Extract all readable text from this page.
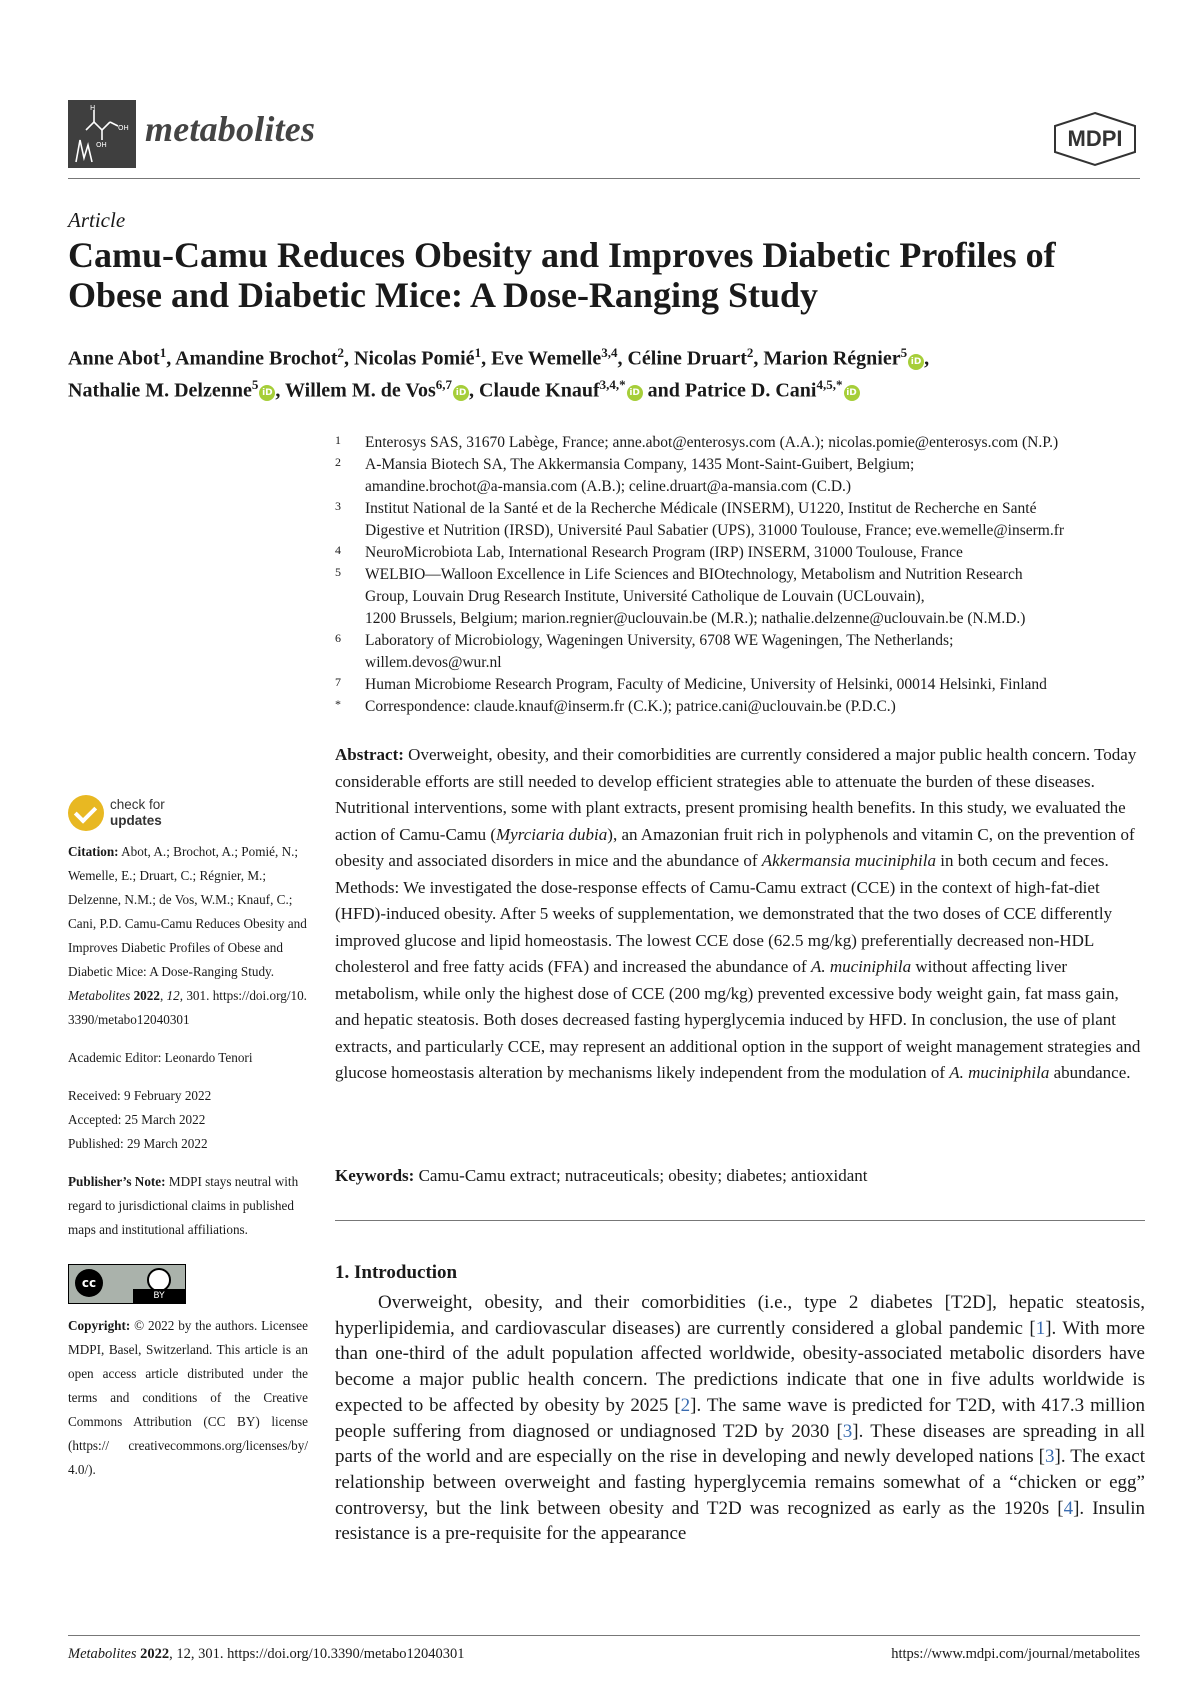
H
OH
OH metabolites	MDPI
Article
Camu-Camu Reduces Obesity and Improves Diabetic Profiles of Obese and Diabetic Mice: A Dose-Ranging Study
Anne Abot$^1$, Amandine Brochot$^2$, Nicolas Pomié$^1$, Eve Wemelle$^{3,4}$, Céline Druart$^2$, Marion Régnier$^5$iD ,
Nathalie M. Delzenne$^5$iD , Willem M. de Vos$^{6,7}$iD , Claude Knauf$^{3,4,*}$iD and Patrice D. Cani$^{4,5,*}$iD
1 Enterosys SAS, 31670 Labège, France; anne.abot@enterosys.com (A.A.); nicolas.pomie@enterosys.com (N.P.)
2 A-Mansia Biotech SA, The Akkermansia Company, 1435 Mont-Saint-Guibert, Belgium;
amandine.brochot@a-mansia.com (A.B.); celine.druart@a-mansia.com (C.D.)
3 Institut National de la Santé et de la Recherche Médicale (INSERM), U1220, Institut de Recherche en Santé
Digestive et Nutrition (IRSD), Université Paul Sabatier (UPS), 31000 Toulouse, France; eve.wemelle@inserm.fr
4 NeuroMicrobiota Lab, International Research Program (IRP) INSERM, 31000 Toulouse, France
5 WELBIO—Walloon Excellence in Life Sciences and BIOtechnology, Metabolism and Nutrition Research
Group, Louvain Drug Research Institute, Université Catholique de Louvain (UCLouvain),
1200 Brussels, Belgium; marion.regnier@uclouvain.be (M.R.); nathalie.delzenne@uclouvain.be (N.M.D.)
6 Laboratory of Microbiology, Wageningen University, 6708 WE Wageningen, The Netherlands;
willem.devos@wur.nl
7 Human Microbiome Research Program, Faculty of Medicine, University of Helsinki, 00014 Helsinki, Finland
* Correspondence: claude.knauf@inserm.fr (C.K.); patrice.cani@uclouvain.be (P.D.C.)
check for
updates

Citation: Abot, A.; Brochot, A.; Pomié, N.; Wemelle, E.; Druart, C.; Régnier, M.; Delzenne, N.M.; de Vos, W.M.; Knauf, C.; Cani, P.D. Camu-Camu Reduces Obesity and Improves Diabetic Profiles of Obese and Diabetic Mice: A Dose-Ranging Study. Metabolites 2022, 12, 301. https://doi.org/10.3390/metabo12040301

Academic Editor: Leonardo Tenori

Received: 9 February 2022

Accepted: 25 March 2022

Published: 29 March 2022

Publisher’s Note: MDPI stays neutral with regard to jurisdictional claims in published maps and institutional affiliations.

cc
BY

Copyright: © 2022 by the authors. Licensee MDPI, Basel, Switzerland. This article is an open access article distributed under the terms and conditions of the Creative Commons Attribution (CC BY) license (https:// creativecommons.org/licenses/by/ 4.0/).

Abstract: Overweight, obesity, and their comorbidities are currently considered a major public health concern. Today considerable efforts are still needed to develop efficient strategies able to attenuate the burden of these diseases. Nutritional interventions, some with plant extracts, present promising health benefits. In this study, we evaluated the action of Camu-Camu (Myrciaria dubia), an Amazonian fruit rich in polyphenols and vitamin C, on the prevention of obesity and associated disorders in mice and the abundance of Akkermansia muciniphila in both cecum and feces. Methods: We investigated the dose-response effects of Camu-Camu extract (CCE) in the context of high-fat-diet (HFD)-induced obesity. After 5 weeks of supplementation, we demonstrated that the two doses of CCE differently improved glucose and lipid homeostasis. The lowest CCE dose (62.5 mg/kg) preferentially decreased non-HDL cholesterol and free fatty acids (FFA) and increased the abundance of A. muciniphila without affecting liver metabolism, while only the highest dose of CCE (200 mg/kg) prevented excessive body weight gain, fat mass gain, and hepatic steatosis. Both doses decreased fasting hyperglycemia induced by HFD. In conclusion, the use of plant extracts, and particularly CCE, may represent an additional option in the support of weight management strategies and glucose homeostasis alteration by mechanisms likely independent from the modulation of A. muciniphila abundance.
Keywords: Camu-Camu extract; nutraceuticals; obesity; diabetes; antioxidant
1. Introduction
Overweight, obesity, and their comorbidities (i.e., type 2 diabetes [T2D], hepatic steatosis, hyperlipidemia, and cardiovascular diseases) are currently considered a global pandemic [1]. With more than one-third of the adult population affected worldwide, obesity-associated metabolic disorders have become a major public health concern. The predictions indicate that one in five adults worldwide is expected to be affected by obesity by 2025 [2]. The same wave is predicted for T2D, with 417.3 million people suffering from diagnosed or undiagnosed T2D by 2030 [3]. These diseases are spreading in all parts of the world and are especially on the rise in developing and newly developed nations [3]. The exact relationship between overweight and fasting hyperglycemia remains somewhat of a “chicken or egg” controversy, but the link between obesity and T2D was recognized as early as the 1920s [4]. Insulin resistance is a pre-requisite for the appearance
Metabolites 2022, 12, 301. https://doi.org/10.3390/metabo12040301	https://www.mdpi.com/journal/metabolites
